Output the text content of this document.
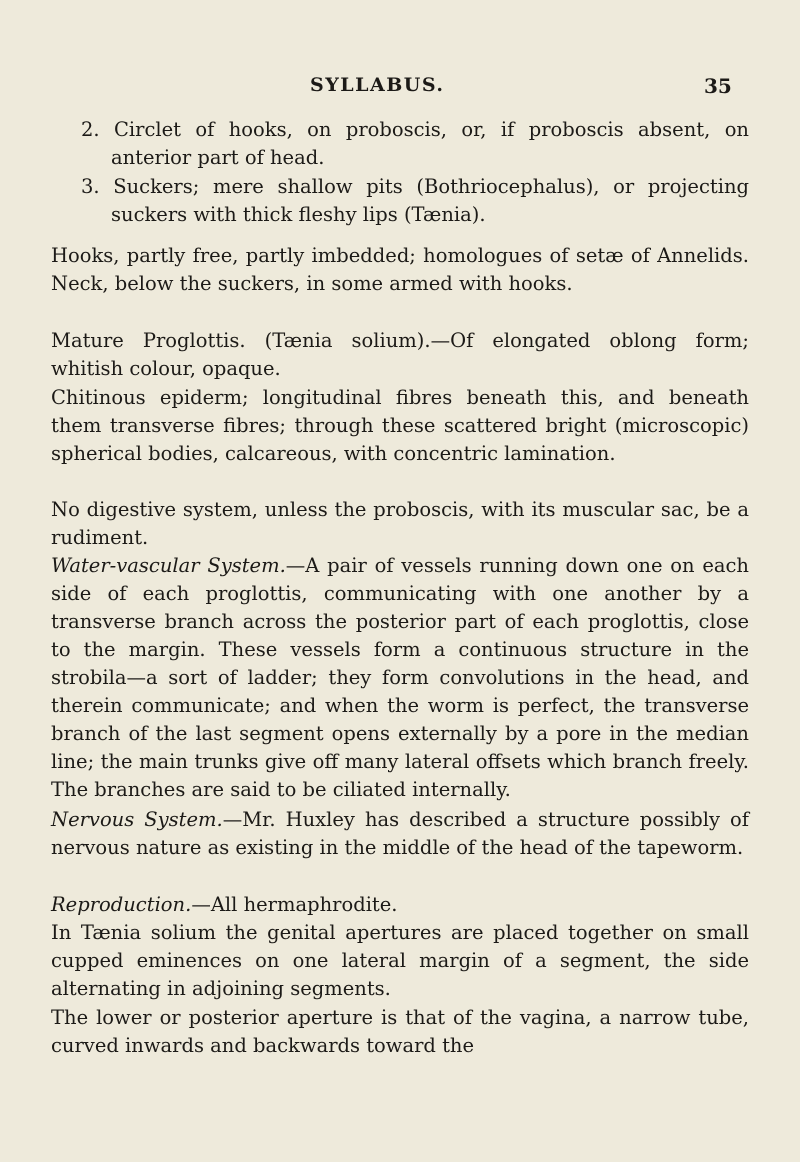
SYLLABUS.	35

2. Circlet of hooks, on proboscis, or, if proboscis absent, on anterior part of head.

3. Suckers; mere shallow pits (Bothriocephalus), or projecting suckers with thick fleshy lips (Tænia).

Hooks, partly free, partly imbedded; homologues of setæ of Annelids. Neck, below the suckers, in some armed with hooks.

Mature Proglottis. (Tænia solium).—Of elongated oblong form; whitish colour, opaque.

Chitinous epiderm; longitudinal fibres beneath this, and beneath them transverse fibres; through these scattered bright (microscopic) spherical bodies, calcareous, with concentric lamination.

No digestive system, unless the proboscis, with its muscular sac, be a rudiment.

Water-vascular System.—A pair of vessels running down one on each side of each proglottis, communicating with one another by a transverse branch across the posterior part of each proglottis, close to the margin. These vessels form a continuous structure in the strobila—a sort of ladder; they form convolutions in the head, and therein communicate; and when the worm is perfect, the transverse branch of the last segment opens externally by a pore in the median line; the main trunks give off many lateral offsets which branch freely. The branches are said to be ciliated internally.

Nervous System.—Mr. Huxley has described a structure possibly of nervous nature as existing in the middle of the head of the tapeworm.

Reproduction.—All hermaphrodite.

In Tænia solium the genital apertures are placed together on small cupped eminences on one lateral margin of a segment, the side alternating in adjoining segments.

The lower or posterior aperture is that of the vagina, a narrow tube, curved inwards and backwards toward the
